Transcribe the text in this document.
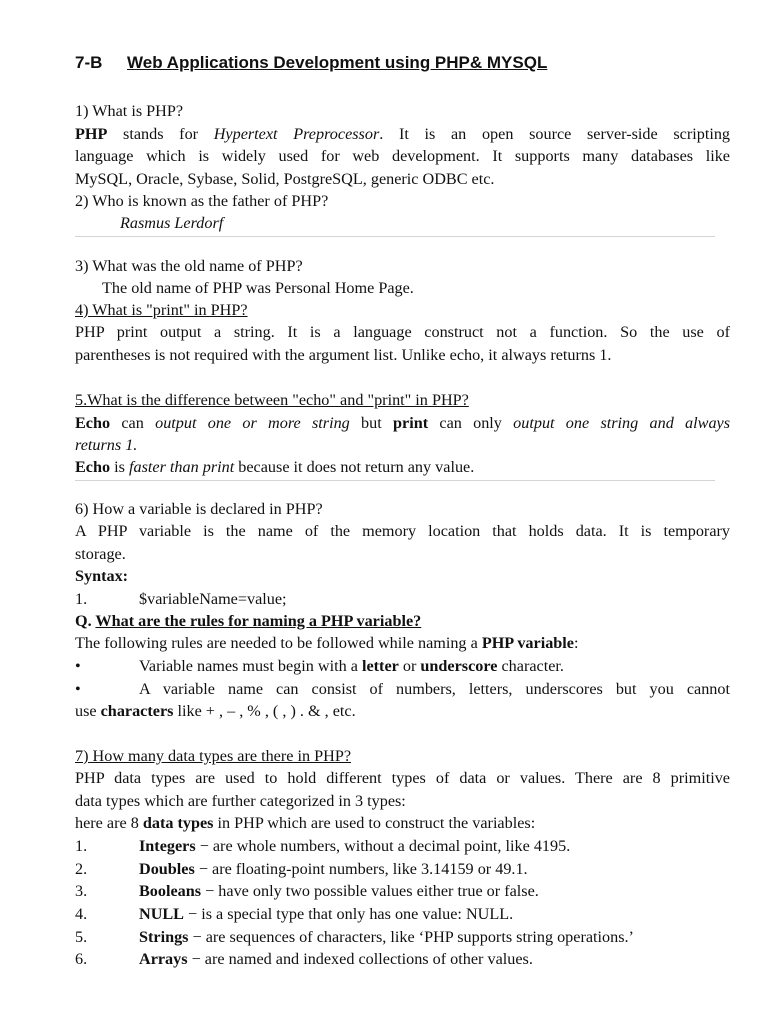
7-B Web Applications Development using PHP& MYSQL
1) What is PHP?
PHP stands for Hypertext Preprocessor. It is an open source server-side scripting
language which is widely used for web development. It supports many databases like
MySQL, Oracle, Sybase, Solid, PostgreSQL, generic ODBC etc.
2) Who is known as the father of PHP?
Rasmus Lerdorf
3) What was the old name of PHP?
The old name of PHP was Personal Home Page.
4) What is "print" in PHP?
PHP print output a string. It is a language construct not a function. So the use of
parentheses is not required with the argument list. Unlike echo, it always returns 1.
5.What is the difference between "echo" and "print" in PHP?
Echo can output one or more string but print can only output one string and always
returns 1.
Echo is faster than print because it does not return any value.
6) How a variable is declared in PHP?
A PHP variable is the name of the memory location that holds data. It is temporary
storage.
Syntax:
1.	$variableName=value;
Q. What are the rules for naming a PHP variable?
The following rules are needed to be followed while naming a PHP variable:
•	Variable names must begin with a letter or underscore character.
•	A variable name can consist of numbers, letters, underscores but you cannot
use characters like + , – , % , ( , ) . & , etc.
7) How many data types are there in PHP?
PHP data types are used to hold different types of data or values. There are 8 primitive
data types which are further categorized in 3 types:
here are 8 data types in PHP which are used to construct the variables:
1.	Integers − are whole numbers, without a decimal point, like 4195.
2.	Doubles − are floating-point numbers, like 3.14159 or 49.1.
3.	Booleans − have only two possible values either true or false.
4.	NULL − is a special type that only has one value: NULL.
5.	Strings − are sequences of characters, like ‘PHP supports string operations.’
6.	Arrays − are named and indexed collections of other values.
